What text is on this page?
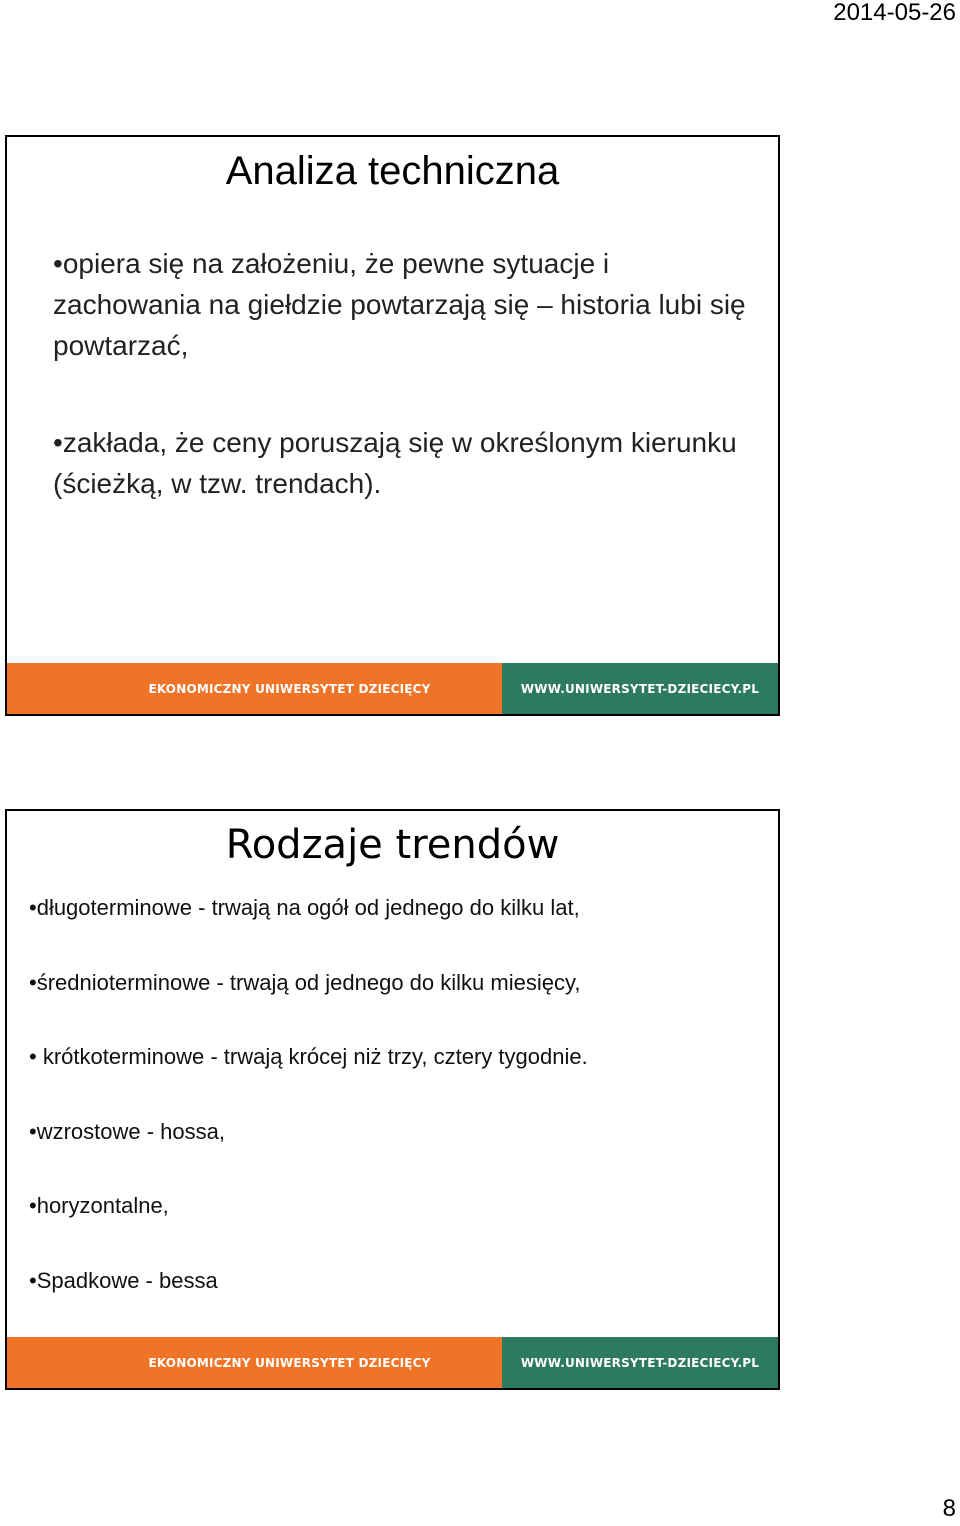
2014-05-26
Analiza techniczna
•opiera się na założeniu, że pewne sytuacje i zachowania na giełdzie powtarzają się – historia lubi się powtarzać,
•zakłada, że ceny poruszają się w określonym kierunku (ścieżką, w tzw. trendach).
EKONOMICZNY UNIWERSYTET DZIECIĘCY	WWW.UNIWERSYTET-DZIECIECY.PL
Rodzaje trendów
•długoterminowe - trwają na ogół od jednego do kilku lat,
•średnioterminowe - trwają od jednego do kilku miesięcy,
• krótkoterminowe - trwają krócej niż trzy, cztery tygodnie.
•wzrostowe - hossa,
•horyzontalne,
•Spadkowe - bessa
EKONOMICZNY UNIWERSYTET DZIECIĘCY	WWW.UNIWERSYTET-DZIECIECY.PL
8
